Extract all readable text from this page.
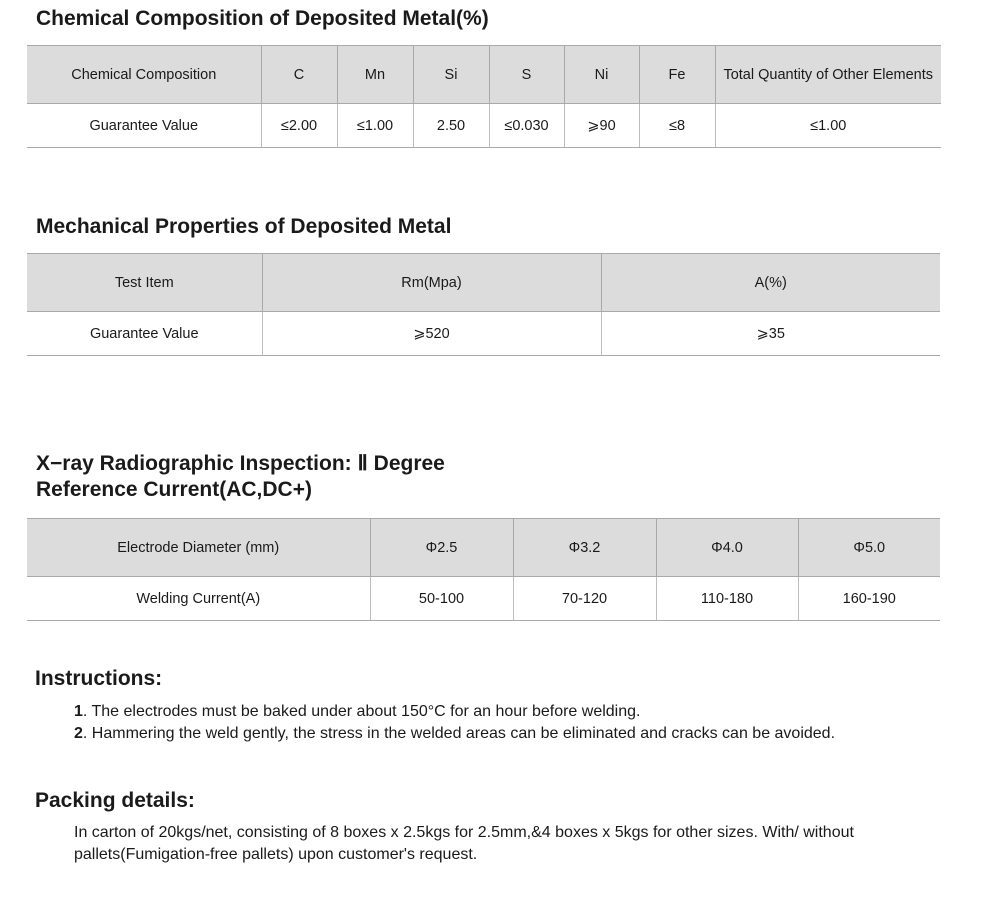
Chemical Composition of Deposited Metal(%)
Chemical Composition	C	Mn	Si	S	Ni	Fe	Total Quantity of Other Elements
Guarantee Value	≤2.00	≤1.00	2.50	≤0.030	⩾90	≤8	≤1.00
Mechanical Properties of Deposited Metal
Test Item	Rm(Mpa)	A(%)
Guarantee Value	⩾520	⩾35
X−ray Radiographic Inspection: Ⅱ Degree
Reference Current(AC,DC+)
Electrode Diameter (mm)	Φ2.5	Φ3.2	Φ4.0	Φ5.0
Welding Current(A)	50-100	70-120	110-180	160-190
Instructions:
1. The electrodes must be baked under about 150°C for an hour before welding.
2. Hammering the weld gently, the stress in the welded areas can be eliminated and cracks can be avoided.
Packing details:

In carton of 20kgs/net, consisting of 8 boxes x 2.5kgs for 2.5mm,&4 boxes x 5kgs for other sizes. With/ without pallets(Fumigation-free pallets) upon customer's request.
